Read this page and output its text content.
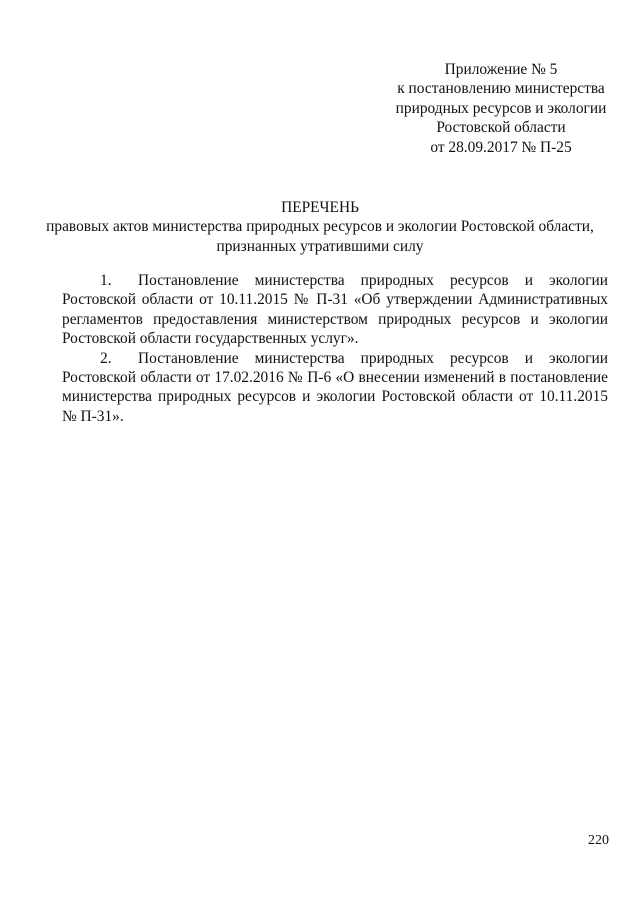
Приложение № 5
к постановлению министерства
природных ресурсов и экологии
Ростовской области
от 28.09.2017 № П-25
ПЕРЕЧЕНЬ
правовых актов министерства природных ресурсов и экологии Ростовской области,
признанных утратившими силу

1. Постановление министерства природных ресурсов и экологии Ростовской области от 10.11.2015 № П-31 «Об утверждении Административных регламентов предоставления министерством природных ресурсов и экологии Ростовской области государственных услуг».

2. Постановление министерства природных ресурсов и экологии Ростовской области от 17.02.2016 № П-6 «О внесении изменений в постановление министерства природных ресурсов и экологии Ростовской области от 10.11.2015 № П-31».

220
